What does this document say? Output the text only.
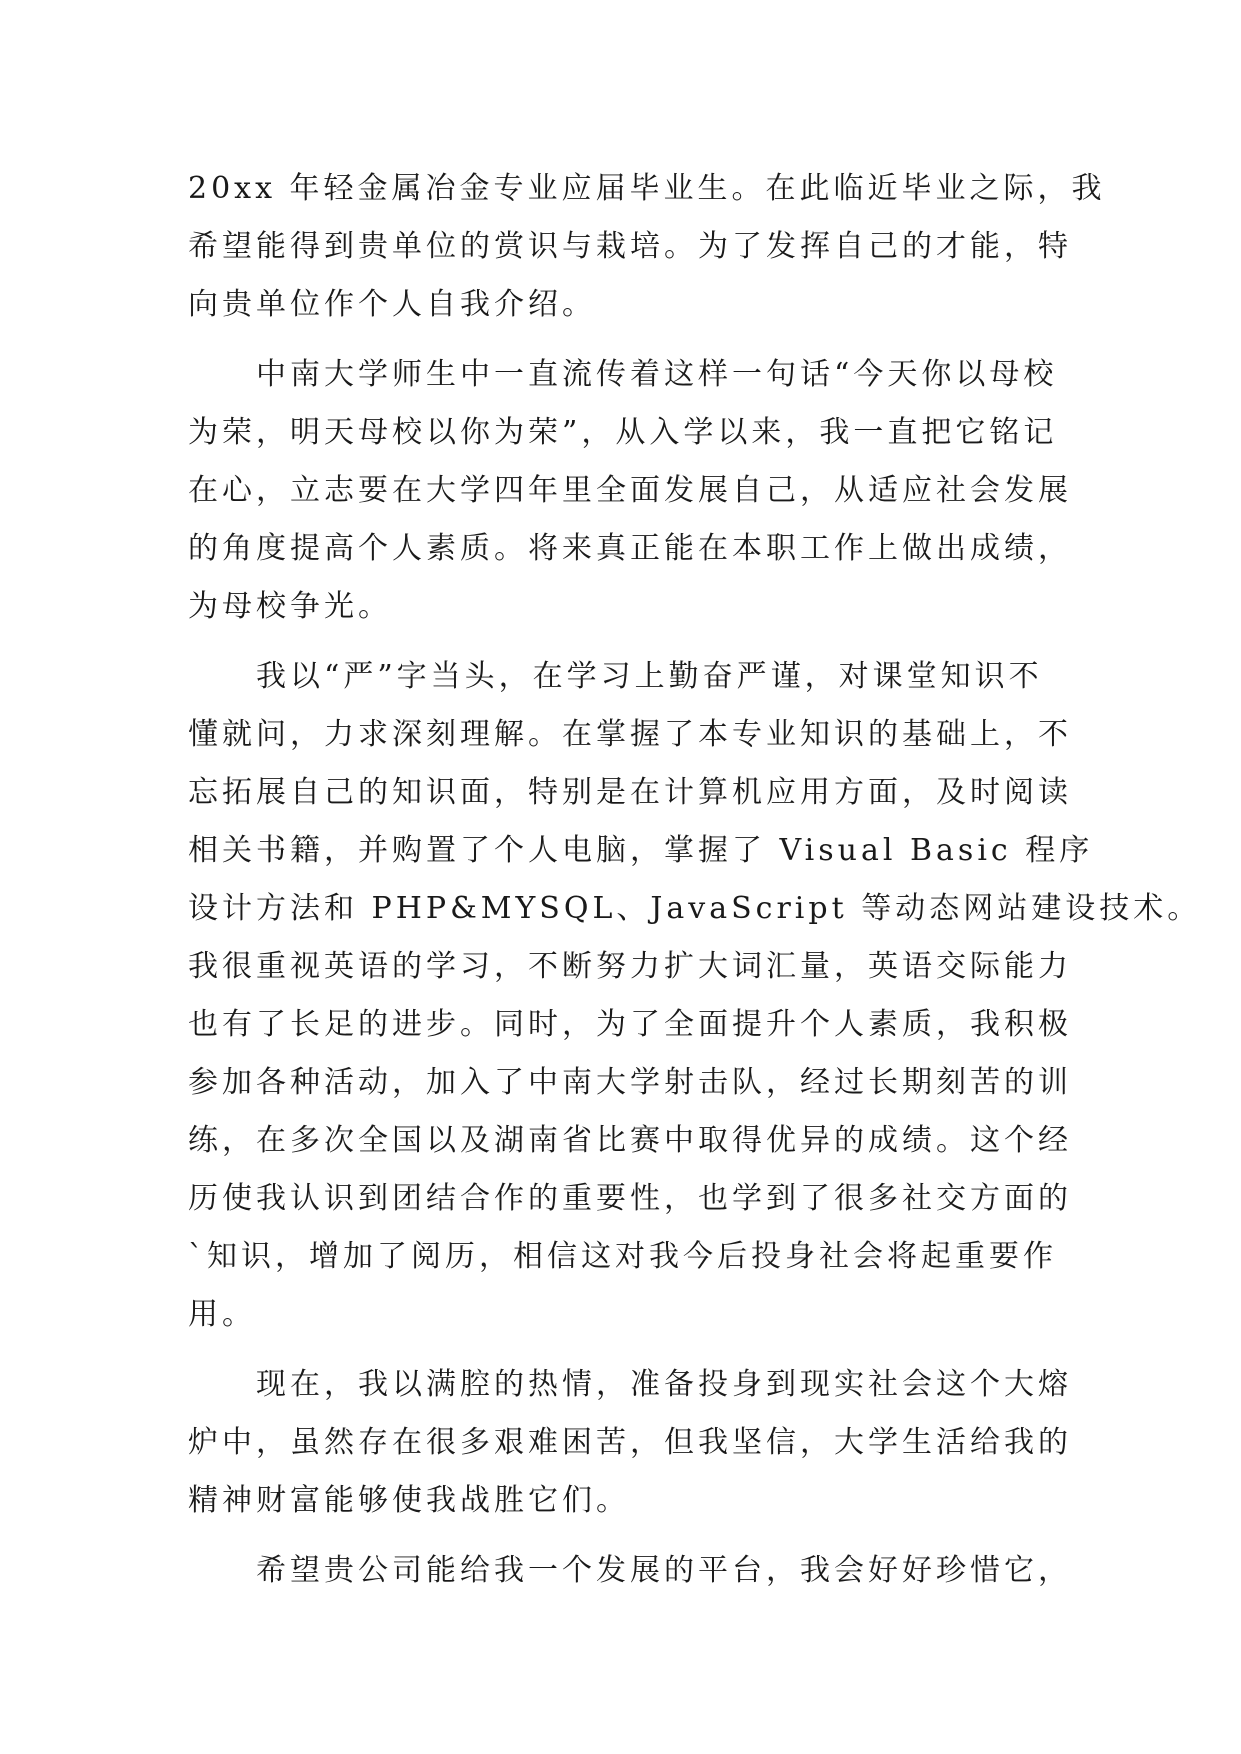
20xx 年轻金属冶金专业应届毕业生。在此临近毕业之际，我
希望能得到贵单位的赏识与栽培。为了发挥自己的才能，特
向贵单位作个人自我介绍。
　　中南大学师生中一直流传着这样一句话“今天你以母校
为荣，明天母校以你为荣”，从入学以来，我一直把它铭记
在心，立志要在大学四年里全面发展自己，从适应社会发展
的角度提高个人素质。将来真正能在本职工作上做出成绩，
为母校争光。
　　我以“严”字当头，在学习上勤奋严谨，对课堂知识不
懂就问，力求深刻理解。在掌握了本专业知识的基础上，不
忘拓展自己的知识面，特别是在计算机应用方面，及时阅读
相关书籍，并购置了个人电脑，掌握了 Visual Basic 程序
设计方法和 PHP&MYSQL、JavaScript 等动态网站建设技术。
我很重视英语的学习，不断努力扩大词汇量，英语交际能力
也有了长足的进步。同时，为了全面提升个人素质，我积极
参加各种活动，加入了中南大学射击队，经过长期刻苦的训
练，在多次全国以及湖南省比赛中取得优异的成绩。这个经
历使我认识到团结合作的重要性，也学到了很多社交方面的
`知识，增加了阅历，相信这对我今后投身社会将起重要作
用。
　　现在，我以满腔的热情，准备投身到现实社会这个大熔
炉中，虽然存在很多艰难困苦，但我坚信，大学生活给我的
精神财富能够使我战胜它们。
　　希望贵公司能给我一个发展的平台，我会好好珍惜它，
